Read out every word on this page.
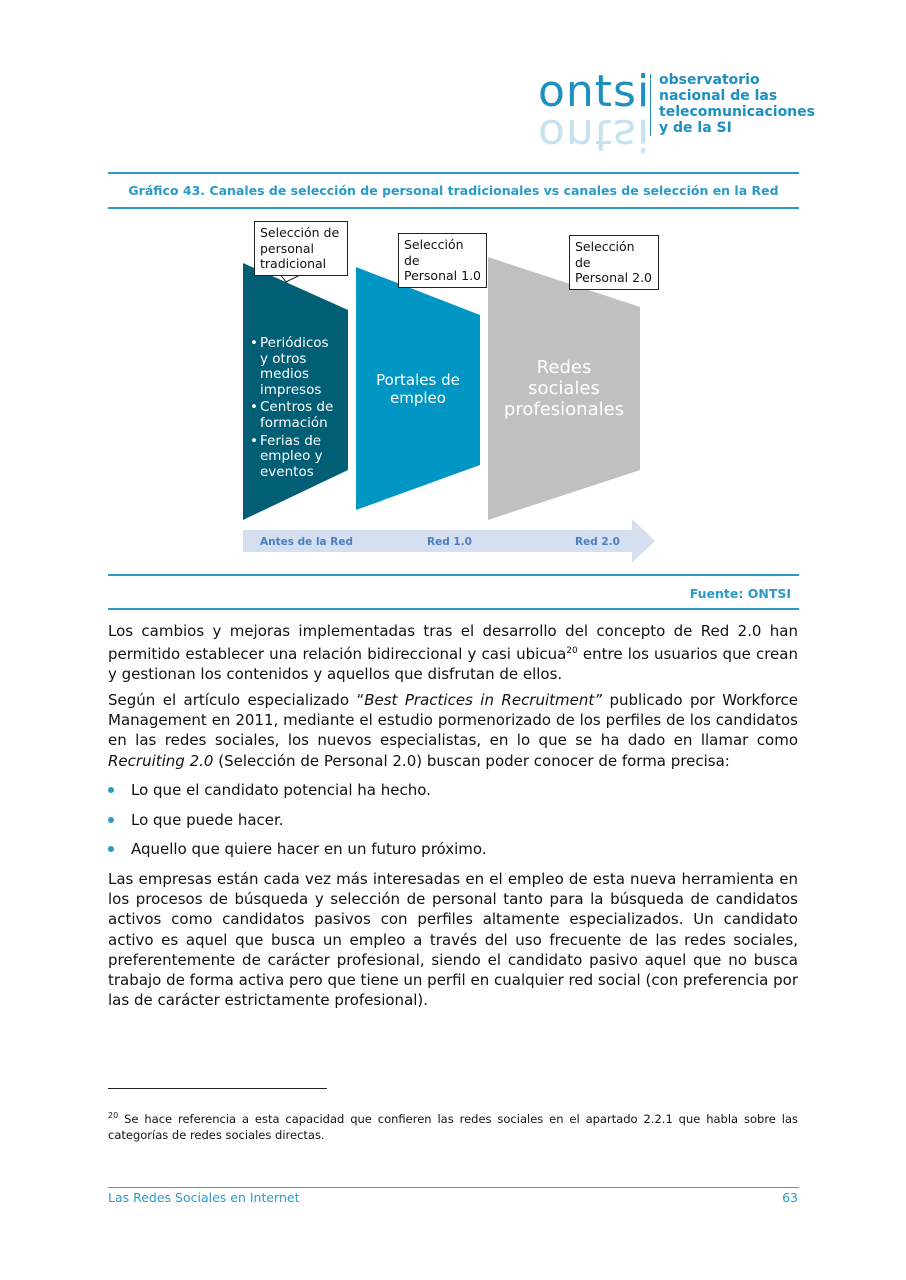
ontsi
ontsi
observatorio
nacional de las
telecomunicaciones
y de la SI
Gráfico 43. Canales de selección de personal tradicionales vs canales de selección en la Red
Antes de la Red	Red 1.0	Red 2.0
• Periódicos
y otros
medios
impresos
• Centros de
formación
• Ferias de
empleo y
eventos
Portales de
empleo
Redes
sociales
profesionales
Selección de
personal
tradicional
Selección de
Personal 1.0
Selección de
Personal 2.0
Fuente: ONTSI
Los cambios y mejoras implementadas tras el desarrollo del concepto de Red 2.0 han permitido establecer una relación bidireccional y casi ubicua$^{20}$ entre los usuarios que crean y gestionan los contenidos y aquellos que disfrutan de ellos.
Según el artículo especializado “Best Practices in Recruitment” publicado por Workforce Management en 2011, mediante el estudio pormenorizado de los perfiles de los candidatos en las redes sociales, los nuevos especialistas, en lo que se ha dado en llamar como Recruiting 2.0 (Selección de Personal 2.0) buscan poder conocer de forma precisa:
Lo que el candidato potencial ha hecho.
Lo que puede hacer.
Aquello que quiere hacer en un futuro próximo.
Las empresas están cada vez más interesadas en el empleo de esta nueva herramienta en los procesos de búsqueda y selección de personal tanto para la búsqueda de candidatos activos como candidatos pasivos con perfiles altamente especializados. Un candidato activo es aquel que busca un empleo a través del uso frecuente de las redes sociales, preferentemente de carácter profesional, siendo el candidato pasivo aquel que no busca trabajo de forma activa pero que tiene un perfil en cualquier red social (con preferencia por las de carácter estrictamente profesional).
$^{20}$ Se hace referencia a esta capacidad que confieren las redes sociales en el apartado 2.2.1 que habla sobre las categorías de redes sociales directas.
Las Redes Sociales en Internet	63
